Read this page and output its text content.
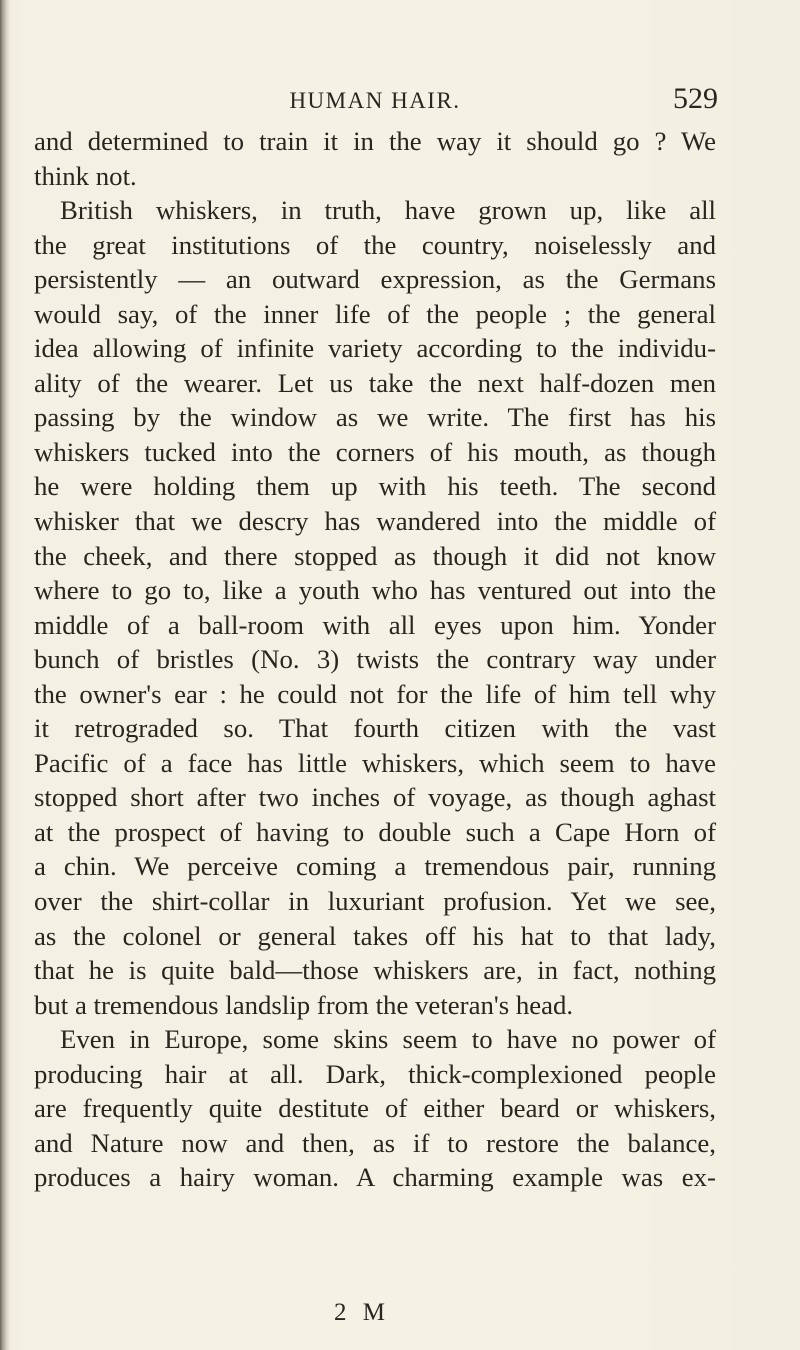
HUMAN HAIR.	529
and determined to train it in the way it should go ? We
think not.
British whiskers, in truth, have grown up, like all
the great institutions of the country, noiselessly and
persistently — an outward expression, as the Germans
would say, of the inner life of the people ; the general
idea allowing of infinite variety according to the individu-
ality of the wearer. Let us take the next half-dozen men
passing by the window as we write. The first has his
whiskers tucked into the corners of his mouth, as though
he were holding them up with his teeth. The second
whisker that we descry has wandered into the middle of
the cheek, and there stopped as though it did not know
where to go to, like a youth who has ventured out into the
middle of a ball-room with all eyes upon him. Yonder
bunch of bristles (No. 3) twists the contrary way under
the owner's ear : he could not for the life of him tell why
it retrograded so. That fourth citizen with the vast
Pacific of a face has little whiskers, which seem to have
stopped short after two inches of voyage, as though aghast
at the prospect of having to double such a Cape Horn of
a chin. We perceive coming a tremendous pair, running
over the shirt-collar in luxuriant profusion. Yet we see,
as the colonel or general takes off his hat to that lady,
that he is quite bald—those whiskers are, in fact, nothing
but a tremendous landslip from the veteran's head.
Even in Europe, some skins seem to have no power of
producing hair at all. Dark, thick-complexioned people
are frequently quite destitute of either beard or whiskers,
and Nature now and then, as if to restore the balance,
produces a hairy woman. A charming example was ex-
2 M
